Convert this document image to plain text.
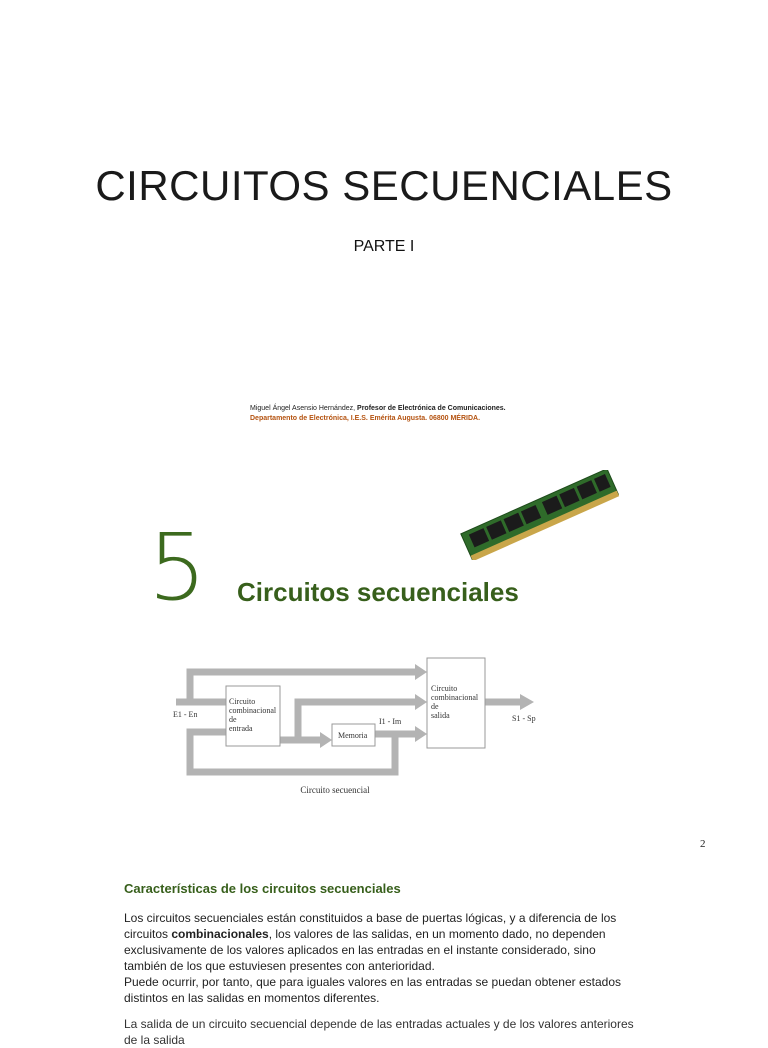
CIRCUITOS SECUENCIALES
PARTE I
Miguel Ángel Asensio Hernández, Profesor de Electrónica de Comunicaciones.
Departamento de Electrónica, I.E.S. Emérita Augusta. 06800 MÉRIDA.
5 Circuitos secuenciales
E1 - En
Circuito
combinacional
de
entrada
Memoria
I1 - Im
Circuito
combinacional
de
salida	S1 - Sp
Circuito secuencial
2
Características de los circuitos secuenciales
Los circuitos secuenciales están constituidos a base de puertas lógicas, y a diferencia de los circuitos combinacionales, los valores de las salidas, en un momento dado, no dependen exclusivamente de los valores aplicados en las entradas en el instante considerado, sino también de los que estuviesen presentes con anterioridad.
Puede ocurrir, por tanto, que para iguales valores en las entradas se puedan obtener estados distintos en las salidas en momentos diferentes.
La salida de un circuito secuencial depende de las entradas actuales y de los valores anteriores de la salida
